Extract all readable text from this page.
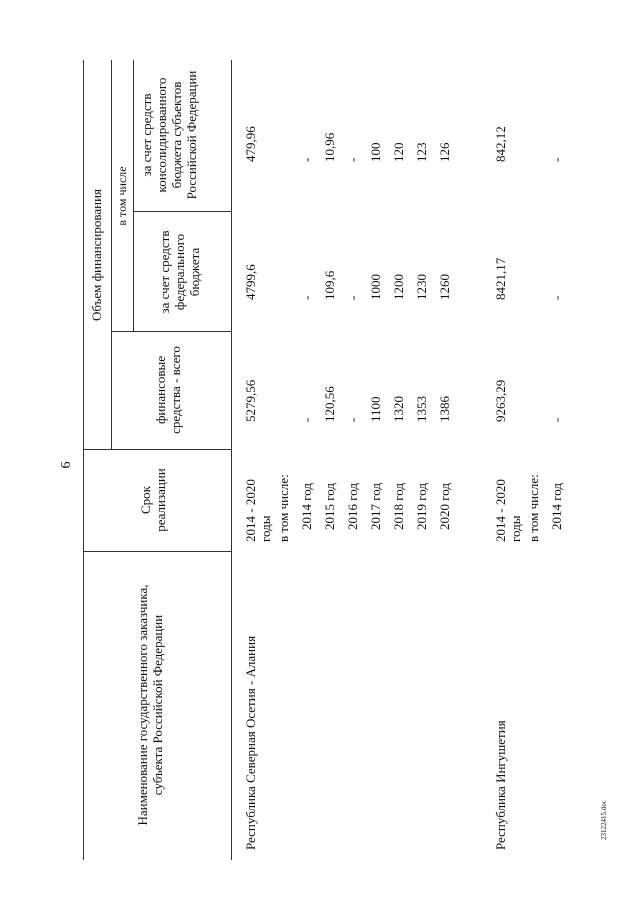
6
23122415.doc
Наименование государственного заказчика, субъекта Российской Федерации
Срок реализации
Объем финансирования
финансовые средства - всего
в том числе
за счет средств федерального бюджета
за счет средств консолидированного бюджета субъектов Российской Федерации
Республика Северная Осетия - Алания
2014 - 2020 годы
5279,56
4799,6
479,96
в том числе: 2014 год
-
-
-
2015 год
120,56
109,6
10,96
2016 год
-
-
-
2017 год
1100
1000
100
2018 год
1320
1200
120
2019 год
1353
1230
123
2020 год
1386
1260
126
Республика Ингушетия
2014 - 2020 годы
9263,29
8421,17
842,12
в том числе: 2014 год
-
-
-
